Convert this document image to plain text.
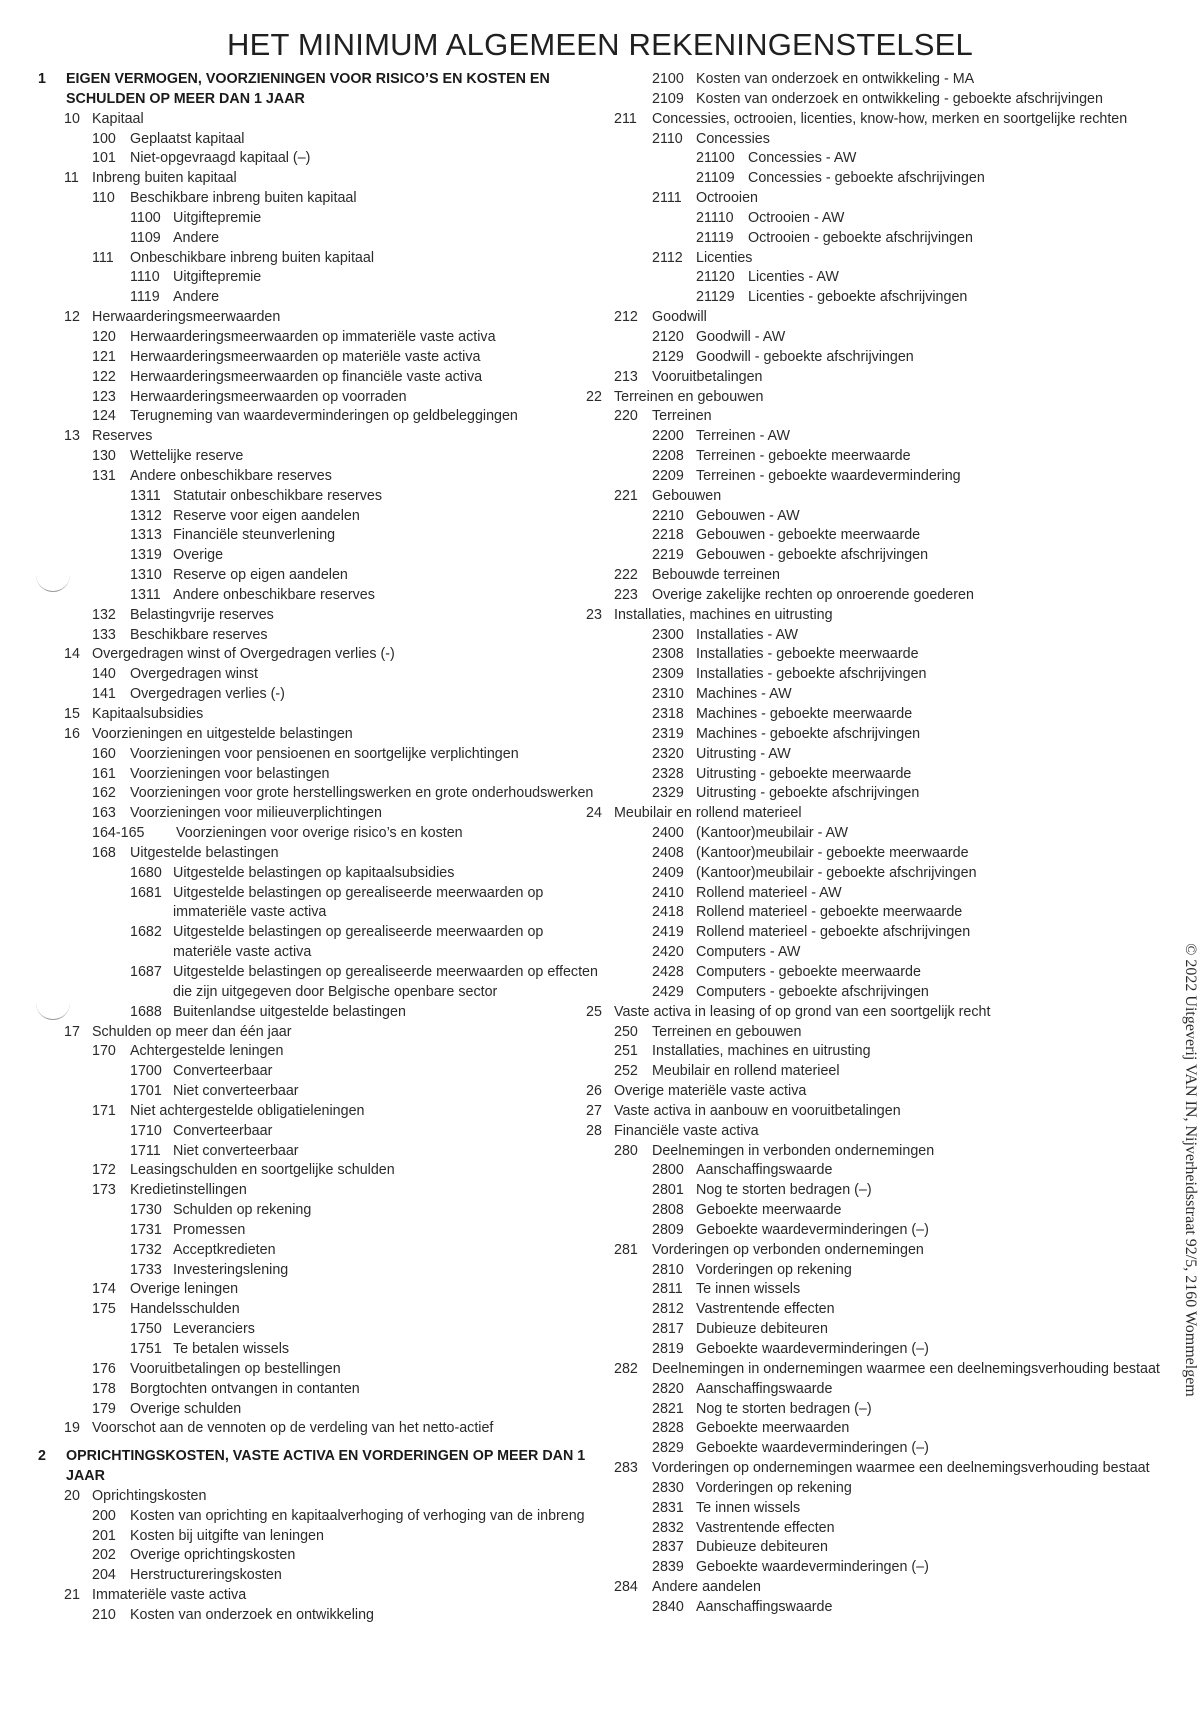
HET MINIMUM ALGEMEEN REKENINGENSTELSEL
1 EIGEN VERMOGEN, VOORZIENINGEN VOOR RISICO’S EN KOSTEN EN SCHULDEN OP MEER DAN 1 JAAR
10 Kapitaal
100 Geplaatst kapitaal
101 Niet-opgevraagd kapitaal (–)
11 Inbreng buiten kapitaal
110 Beschikbare inbreng buiten kapitaal
1100 Uitgiftepremie
1109 Andere
111 Onbeschikbare inbreng buiten kapitaal
1110 Uitgiftepremie
1119 Andere
12 Herwaarderingsmeerwaarden
120 Herwaarderingsmeerwaarden op immateriële vaste activa
121 Herwaarderingsmeerwaarden op materiële vaste activa
122 Herwaarderingsmeerwaarden op financiële vaste activa
123 Herwaarderingsmeerwaarden op voorraden
124 Terugneming van waardeverminderingen op geldbeleggingen
13 Reserves
130 Wettelijke reserve
131 Andere onbeschikbare reserves
1311 Statutair onbeschikbare reserves
1312 Reserve voor eigen aandelen
1313 Financiële steunverlening
1319 Overige
1310 Reserve op eigen aandelen
1311 Andere onbeschikbare reserves
132 Belastingvrije reserves
133 Beschikbare reserves
14 Overgedragen winst of Overgedragen verlies (-)
140 Overgedragen winst
141 Overgedragen verlies (-)
15 Kapitaalsubsidies
16 Voorzieningen en uitgestelde belastingen
160 Voorzieningen voor pensioenen en soortgelijke verplichtingen
161 Voorzieningen voor belastingen
162 Voorzieningen voor grote herstellingswerken en grote onderhoudswerken
163 Voorzieningen voor milieuverplichtingen
164-165 Voorzieningen voor overige risico’s en kosten
168 Uitgestelde belastingen
1680 Uitgestelde belastingen op kapitaalsubsidies
1681 Uitgestelde belastingen op gerealiseerde meerwaarden op immateriële vaste activa
1682 Uitgestelde belastingen op gerealiseerde meerwaarden op materiële vaste activa
1687 Uitgestelde belastingen op gerealiseerde meerwaarden op effecten die zijn uitgegeven door Belgische openbare sector
1688 Buitenlandse uitgestelde belastingen
17 Schulden op meer dan één jaar
170 Achtergestelde leningen
1700 Converteerbaar
1701 Niet converteerbaar
171 Niet achtergestelde obligatieleningen
1710 Converteerbaar
1711 Niet converteerbaar
172 Leasingschulden en soortgelijke schulden
173 Kredietinstellingen
1730 Schulden op rekening
1731 Promessen
1732 Acceptkredieten
1733 Investeringslening
174 Overige leningen
175 Handelsschulden
1750 Leveranciers
1751 Te betalen wissels
176 Vooruitbetalingen op bestellingen
178 Borgtochten ontvangen in contanten
179 Overige schulden
19 Voorschot aan de vennoten op de verdeling van het netto-actief
2 OPRICHTINGSKOSTEN, VASTE ACTIVA EN VORDERINGEN OP MEER DAN 1 JAAR
20 Oprichtingskosten
200 Kosten van oprichting en kapitaalverhoging of verhoging van de inbreng
201 Kosten bij uitgifte van leningen
202 Overige oprichtingskosten
204 Herstructureringskosten
21 Immateriële vaste activa
210 Kosten van onderzoek en ontwikkeling
2100 Kosten van onderzoek en ontwikkeling - MA
2109 Kosten van onderzoek en ontwikkeling - geboekte afschrijvingen
211 Concessies, octrooien, licenties, know-how, merken en soortgelijke rechten
2110 Concessies
21100 Concessies - AW
21109 Concessies - geboekte afschrijvingen
2111 Octrooien
21110 Octrooien - AW
21119 Octrooien - geboekte afschrijvingen
2112 Licenties
21120 Licenties - AW
21129 Licenties - geboekte afschrijvingen
212 Goodwill
2120 Goodwill - AW
2129 Goodwill - geboekte afschrijvingen
213 Vooruitbetalingen
22 Terreinen en gebouwen
220 Terreinen
2200 Terreinen - AW
2208 Terreinen - geboekte meerwaarde
2209 Terreinen - geboekte waardevermindering
221 Gebouwen
2210 Gebouwen - AW
2218 Gebouwen - geboekte meerwaarde
2219 Gebouwen - geboekte afschrijvingen
222 Bebouwde terreinen
223 Overige zakelijke rechten op onroerende goederen
23 Installaties, machines en uitrusting
2300 Installaties - AW
2308 Installaties - geboekte meerwaarde
2309 Installaties - geboekte afschrijvingen
2310 Machines - AW
2318 Machines - geboekte meerwaarde
2319 Machines - geboekte afschrijvingen
2320 Uitrusting - AW
2328 Uitrusting - geboekte meerwaarde
2329 Uitrusting - geboekte afschrijvingen
24 Meubilair en rollend materieel
2400 (Kantoor)meubilair - AW
2408 (Kantoor)meubilair - geboekte meerwaarde
2409 (Kantoor)meubilair - geboekte afschrijvingen
2410 Rollend materieel - AW
2418 Rollend materieel - geboekte meerwaarde
2419 Rollend materieel - geboekte afschrijvingen
2420 Computers - AW
2428 Computers - geboekte meerwaarde
2429 Computers - geboekte afschrijvingen
25 Vaste activa in leasing of op grond van een soortgelijk recht
250 Terreinen en gebouwen
251 Installaties, machines en uitrusting
252 Meubilair en rollend materieel
26 Overige materiële vaste activa
27 Vaste activa in aanbouw en vooruitbetalingen
28 Financiële vaste activa
280 Deelnemingen in verbonden ondernemingen
2800 Aanschaffingswaarde
2801 Nog te storten bedragen (–)
2808 Geboekte meerwaarde
2809 Geboekte waardeverminderingen (–)
281 Vorderingen op verbonden ondernemingen
2810 Vorderingen op rekening
2811 Te innen wissels
2812 Vastrentende effecten
2817 Dubieuze debiteuren
2819 Geboekte waardeverminderingen (–)
282 Deelnemingen in ondernemingen waarmee een deelnemingsverhouding bestaat
2820 Aanschaffingswaarde
2821 Nog te storten bedragen (–)
2828 Geboekte meerwaarden
2829 Geboekte waardeverminderingen (–)
283 Vorderingen op ondernemingen waarmee een deelnemingsverhouding bestaat
2830 Vorderingen op rekening
2831 Te innen wissels
2832 Vastrentende effecten
2837 Dubieuze debiteuren
2839 Geboekte waardeverminderingen (–)
284 Andere aandelen
2840 Aanschaffingswaarde
© 2022 Uitgeverij VAN IN, Nijverheidsstraat 92/5, 2160 Wommelgem
